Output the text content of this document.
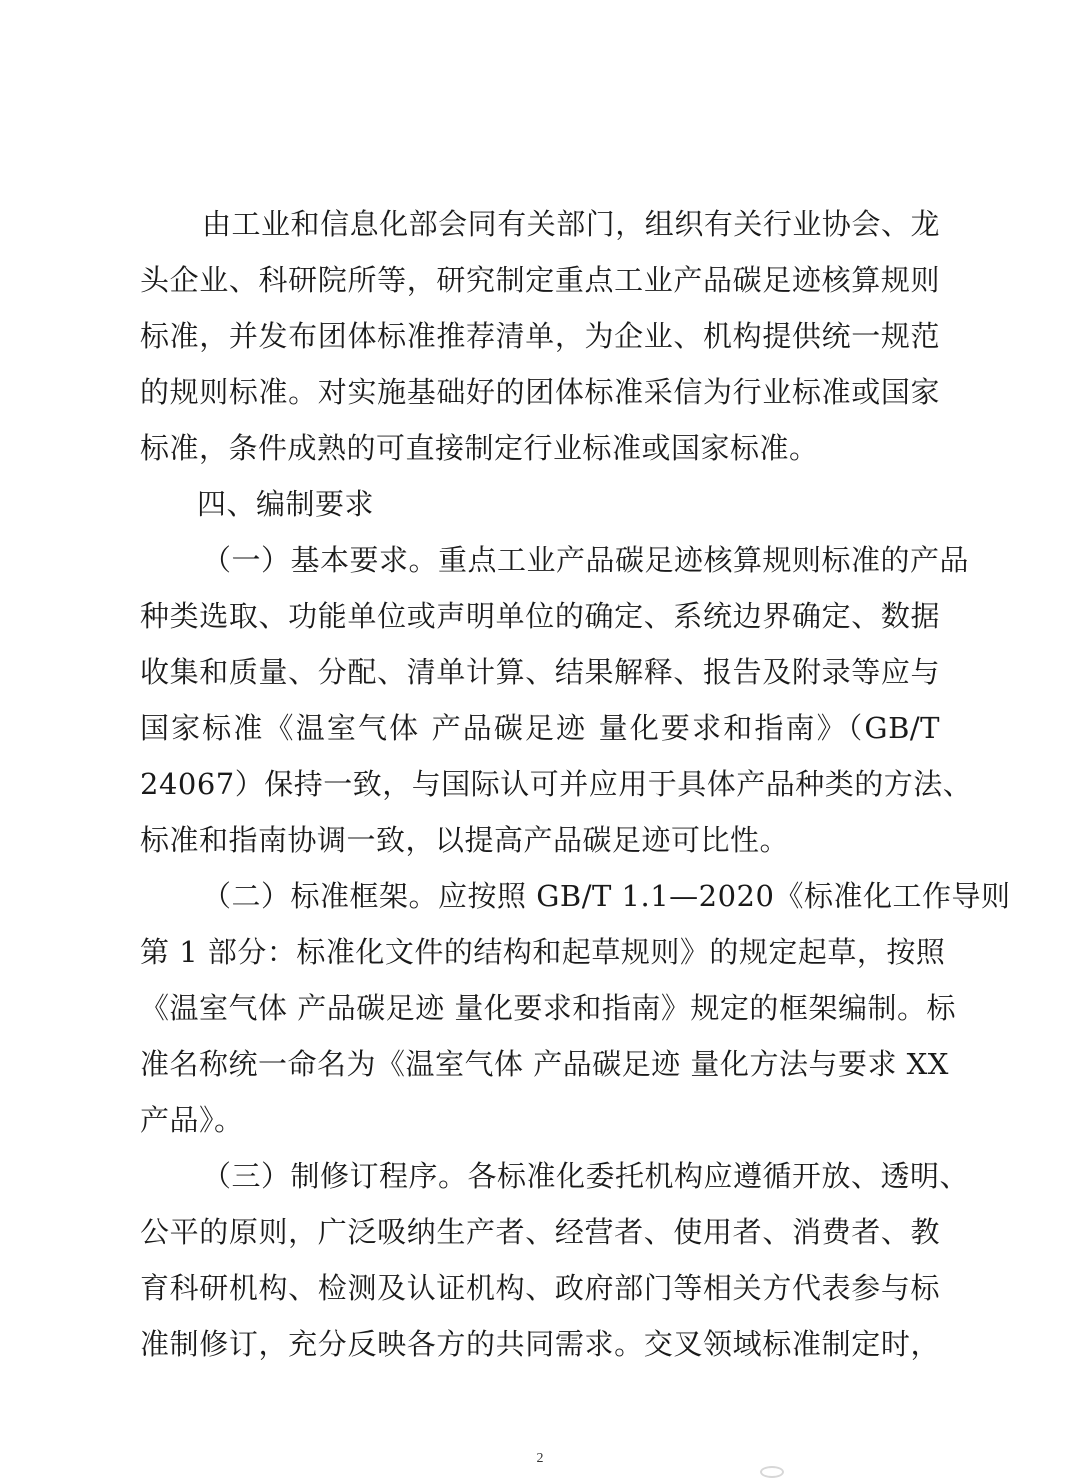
由工业和信息化部会同有关部门，组织有关行业协会、龙
头企业、科研院所等，研究制定重点工业产品碳足迹核算规则
标准，并发布团体标准推荐清单，为企业、机构提供统一规范
的规则标准。对实施基础好的团体标准采信为行业标准或国家
标准，条件成熟的可直接制定行业标准或国家标准。
四、编制要求
（一）基本要求。重点工业产品碳足迹核算规则标准的产品
种类选取、功能单位或声明单位的确定、系统边界确定、数据
收集和质量、分配、清单计算、结果解释、报告及附录等应与
国家标准《温室气体 产品碳足迹 量化要求和指南》（GB/T
24067）保持一致，与国际认可并应用于具体产品种类的方法、
标准和指南协调一致，以提高产品碳足迹可比性。
（二）标准框架。应按照 GB/T 1.1—2020《标准化工作导则
第 1 部分：标准化文件的结构和起草规则》的规定起草，按照
《温室气体 产品碳足迹 量化要求和指南》规定的框架编制。标
准名称统一命名为《温室气体 产品碳足迹 量化方法与要求 XX
产品》。
（三）制修订程序。各标准化委托机构应遵循开放、透明、
公平的原则，广泛吸纳生产者、经营者、使用者、消费者、教
育科研机构、检测及认证机构、政府部门等相关方代表参与标
准制修订，充分反映各方的共同需求。交叉领域标准制定时，
2
